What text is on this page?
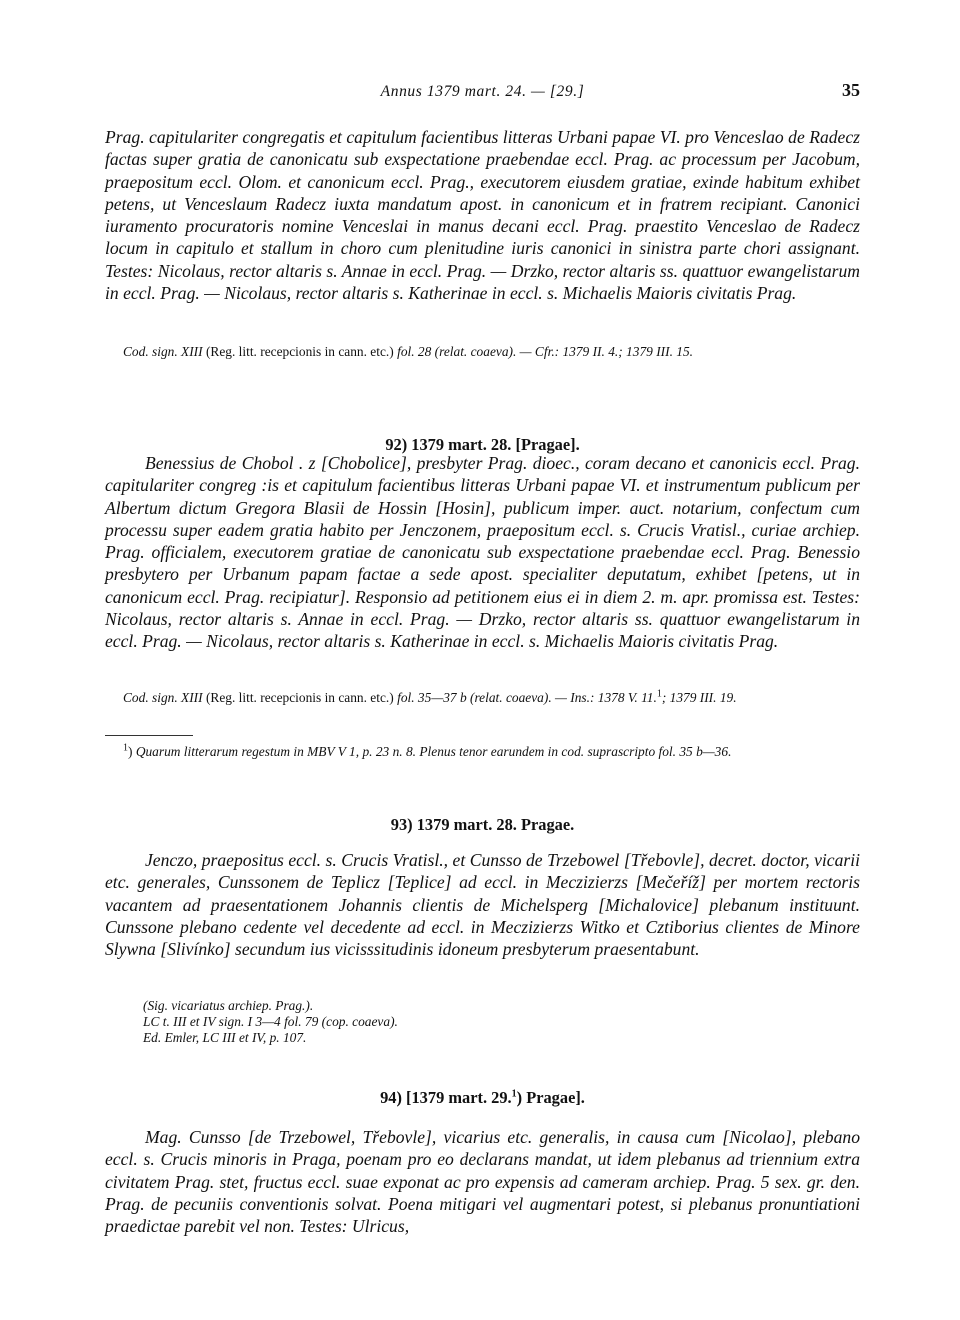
Annus 1379 mart. 24. — [29.]	35

Prag. capitulariter congregatis et capitulum facientibus litteras Urbani papae VI. pro Venceslao de Radecz factas super gratia de canonicatu sub exspectatione praebendae eccl. Prag. ac processum per Jacobum, praepositum eccl. Olom. et canonicum eccl. Prag., executorem eiusdem gratiae, exinde habitum exhibet petens, ut Venceslaum Radecz iuxta mandatum apost. in canonicum et in fratrem recipiant. Canonici iuramento procuratoris nomine Venceslai in manus decani eccl. Prag. praestito Venceslao de Radecz locum in capitulo et stallum in choro cum plenitudine iuris canonici in sinistra parte chori assignant. Testes: Nicolaus, rector altaris s. Annae in eccl. Prag. — Drzko, rector altaris ss. quattuor ewangelistarum in eccl. Prag. — Nicolaus, rector altaris s. Katherinae in eccl. s. Michaelis Maioris civitatis Prag.

Cod. sign. XIII (Reg. litt. recepcionis in cann. etc.) fol. 28 (relat. coaeva). — Cfr.: 1379 II. 4.; 1379 III. 15.

92) 1379 mart. 28. [Pragae].

Benessius de Chobol . z [Chobolice], presbyter Prag. dioec., coram decano et canonicis eccl. Prag. capitulariter congreg :is et capitulum facientibus litteras Urbani papae VI. et instrumentum publicum per Albertum dictum Gregora Blasii de Hossin [Hosin], publicum imper. auct. notarium, confectum cum processu super eadem gratia habito per Jenczonem, praepositum eccl. s. Crucis Vratisl., curiae archiep. Prag. officialem, executorem gratiae de canonicatu sub exspectatione praebendae eccl. Prag. Benessio presbytero per Urbanum papam factae a sede apost. specialiter deputatum, exhibet [petens, ut in canonicum eccl. Prag. recipiatur]. Responsio ad petitionem eius ei in diem 2. m. apr. promissa est. Testes: Nicolaus, rector altaris s. Annae in eccl. Prag. — Drzko, rector altaris ss. quattuor ewangelistarum in eccl. Prag. — Nicolaus, rector altaris s. Katherinae in eccl. s. Michaelis Maioris civitatis Prag.

Cod. sign. XIII (Reg. litt. recepcionis in cann. etc.) fol. 35—37 b (relat. coaeva). — Ins.: 1378 V. 11.$^1$; 1379 III. 19.

$^1$) Quarum litterarum regestum in MBV V 1, p. 23 n. 8. Plenus tenor earundem in cod. suprascripto fol. 35 b—36.

93) 1379 mart. 28. Pragae.

Jenczo, praepositus eccl. s. Crucis Vratisl., et Cunsso de Trzebowel [Třebovle], decret. doctor, vicarii etc. generales, Cunssonem de Teplicz [Teplice] ad eccl. in Meczizierzs [Mečeříž] per mortem rectoris vacantem ad praesentationem Johannis clientis de Michelsperg [Michalovice] plebanum instituunt. Cunssone plebano cedente vel decedente ad eccl. in Meczizierzs Witko et Cztiborius clientes de Minore Slywna [Slivínko] secundum ius vicisssitudinis idoneum presbyterum praesentabunt.

(Sig. vicariatus archiep. Prag.).
LC t. III et IV sign. I 3—4 fol. 79 (cop. coaeva).
Ed. Emler, LC III et IV, p. 107.

94) [1379 mart. 29.$^1$) Pragae].

Mag. Cunsso [de Trzebowel, Třebovle], vicarius etc. generalis, in causa cum [Nicolao], plebano eccl. s. Crucis minoris in Praga, poenam pro eo declarans mandat, ut idem plebanus ad triennium extra civitatem Prag. stet, fructus eccl. suae exponat ac pro expensis ad cameram archiep. Prag. 5 sex. gr. den. Prag. de pecuniis conventionis solvat. Poena mitigari vel augmentari potest, si plebanus pronuntiationi praedictae parebit vel non. Testes: Ulricus,
